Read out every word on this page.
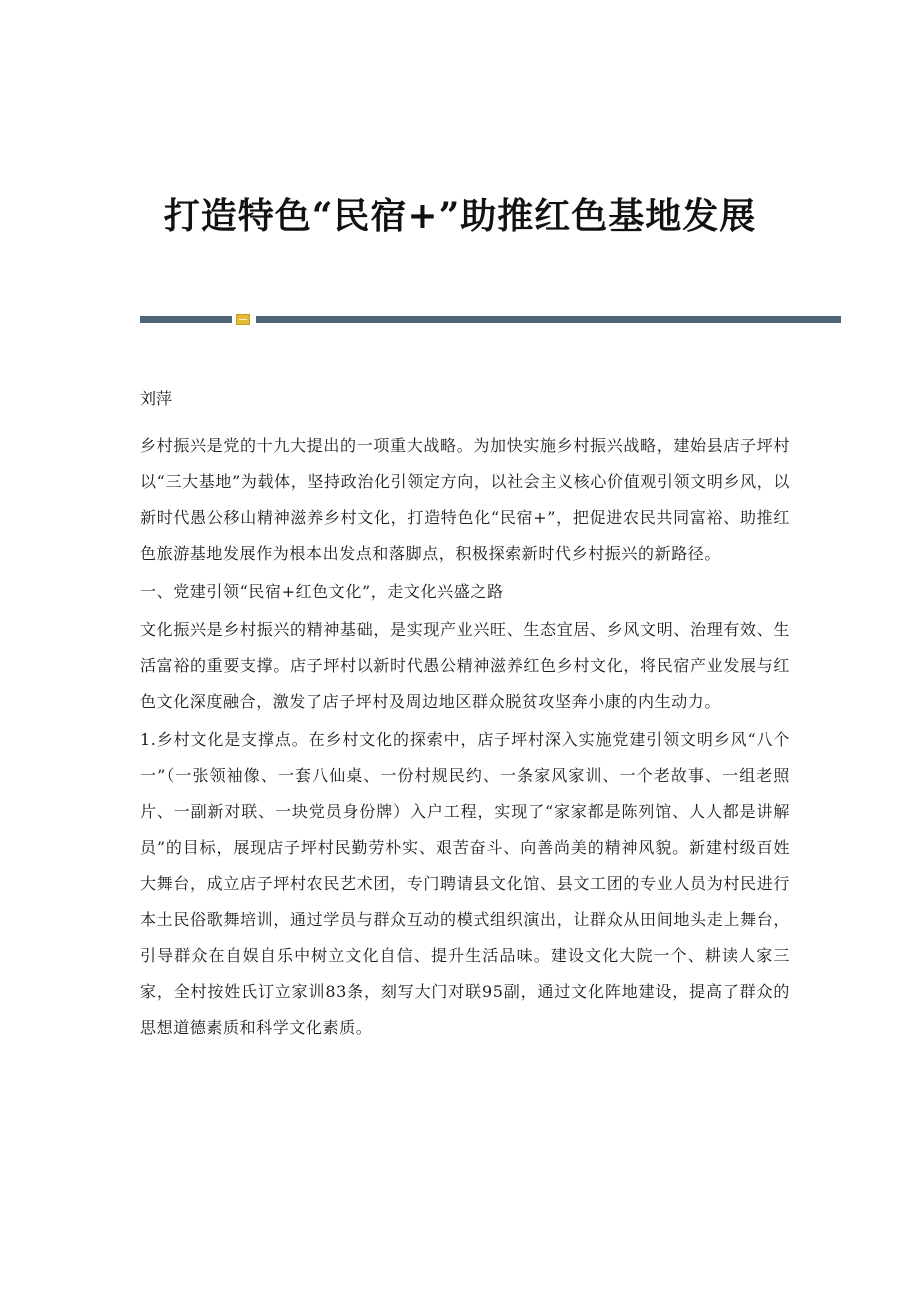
打造特色“民宿+”助推红色基地发展

刘萍

乡村振兴是党的十九大提出的一项重大战略。为加快实施乡村振兴战略，建始县店子坪村以“三大基地”为载体，坚持政治化引领定方向，以社会主义核心价值观引领文明乡风，以新时代愚公移山精神滋养乡村文化，打造特色化“民宿+”，把促进农民共同富裕、助推红色旅游基地发展作为根本出发点和落脚点，积极探索新时代乡村振兴的新路径。

一、党建引领“民宿+红色文化”，走文化兴盛之路

文化振兴是乡村振兴的精神基础，是实现产业兴旺、生态宜居、乡风文明、治理有效、生活富裕的重要支撑。店子坪村以新时代愚公精神滋养红色乡村文化，将民宿产业发展与红色文化深度融合，激发了店子坪村及周边地区群众脱贫攻坚奔小康的内生动力。

1.乡村文化是支撑点。在乡村文化的探索中，店子坪村深入实施党建引领文明乡风“八个一”（一张领袖像、一套八仙桌、一份村规民约、一条家风家训、一个老故事、一组老照片、一副新对联、一块党员身份牌）入户工程，实现了“家家都是陈列馆、人人都是讲解员”的目标，展现店子坪村民勤劳朴实、艰苦奋斗、向善尚美的精神风貌。新建村级百姓大舞台，成立店子坪村农民艺术团，专门聘请县文化馆、县文工团的专业人员为村民进行本土民俗歌舞培训，通过学员与群众互动的模式组织演出，让群众从田间地头走上舞台，引导群众在自娱自乐中树立文化自信、提升生活品味。建设文化大院一个、耕读人家三家，全村按姓氏订立家训83条，刻写大门对联95副，通过文化阵地建设，提高了群众的思想道德素质和科学文化素质。
